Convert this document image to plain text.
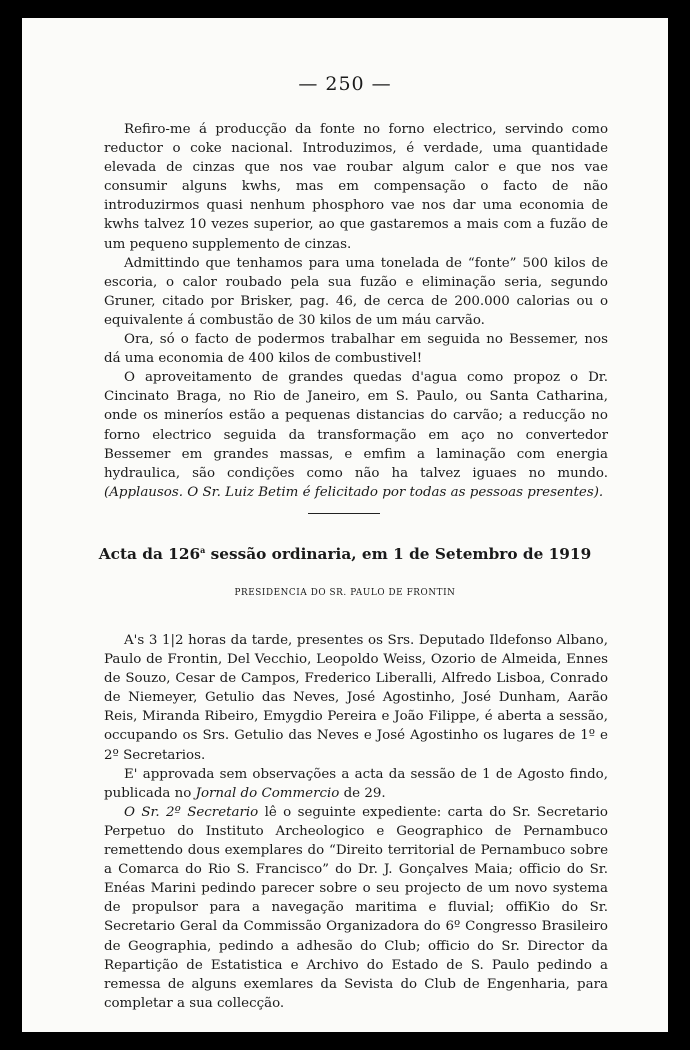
— 250 —

Refiro-me á producção da fonte no forno electrico, servindo como reductor o coke nacional. Introduzimos, é verdade, uma quantidade elevada de cinzas que nos vae roubar algum calor e que nos vae consumir alguns kwhs, mas em compensação o facto de não introduzirmos quasi nenhum phosphoro vae nos dar uma economia de kwhs talvez 10 vezes superior, ao que gastaremos a mais com a fuzão de um pequeno supplemento de cinzas.

Admittindo que tenhamos para uma tonelada de “fonte” 500 kilos de escoria, o calor roubado pela sua fuzão e eliminação seria, segundo Gruner, citado por Brisker, pag. 46, de cerca de 200.000 calorias ou o equivalente á combustão de 30 kilos de um máu carvão.

Ora, só o facto de podermos trabalhar em seguida no Bessemer, nos dá uma economia de 400 kilos de combustivel!

O aproveitamento de grandes quedas d'agua como propoz o Dr. Cincinato Braga, no Rio de Janeiro, em S. Paulo, ou Santa Catharina, onde os mineríos estão a pequenas distancias do carvão; a reducção no forno electrico seguida da transformação em aço no convertedor Bessemer em grandes massas, e emfim a laminação com energia hydraulica, são condições como não ha talvez iguaes no mundo. (Applausos. O Sr. Luiz Betim é felicitado por todas as pessoas presentes).

Acta da 126$^a$ sessão ordinaria, em 1 de Setembro de 1919
PRESIDENCIA DO SR. PAULO DE FRONTIN

A's 3 1|2 horas da tarde, presentes os Srs. Deputado Ildefonso Albano, Paulo de Frontin, Del Vecchio, Leopoldo Weiss, Ozorio de Almeida, Ennes de Souzo, Cesar de Campos, Frederico Liberalli, Alfredo Lisboa, Conrado de Niemeyer, Getulio das Neves, José Agostinho, José Dunham, Aarão Reis, Miranda Ribeiro, Emygdio Pereira e João Filippe, é aberta a sessão, occupando os Srs. Getulio das Neves e José Agostinho os lugares de 1º e 2º Secretarios.

E' approvada sem observações a acta da sessão de 1 de Agosto findo, publicada no Jornal do Commercio de 29.

O Sr. 2º Secretario lê o seguinte expediente: carta do Sr. Secretario Perpetuo do Instituto Archeologico e Geographico de Pernambuco remettendo dous exemplares do “Direito territorial de Pernambuco sobre a Comarca do Rio S. Francisco” do Dr. J. Gonçalves Maia; officio do Sr. Enéas Marini pedindo parecer sobre o seu projecto de um novo systema de propulsor para a navegação maritima e fluvial; offiKio do Sr. Secretario Geral da Commissão Organizadora do 6º Congresso Brasileiro de Geographia, pedindo a adhesão do Club; officio do Sr. Director da Repartição de Estatistica e Archivo do Estado de S. Paulo pedindo a remessa de alguns exemlares da Sevista do Club de Engenharia, para completar a sua collecção.
